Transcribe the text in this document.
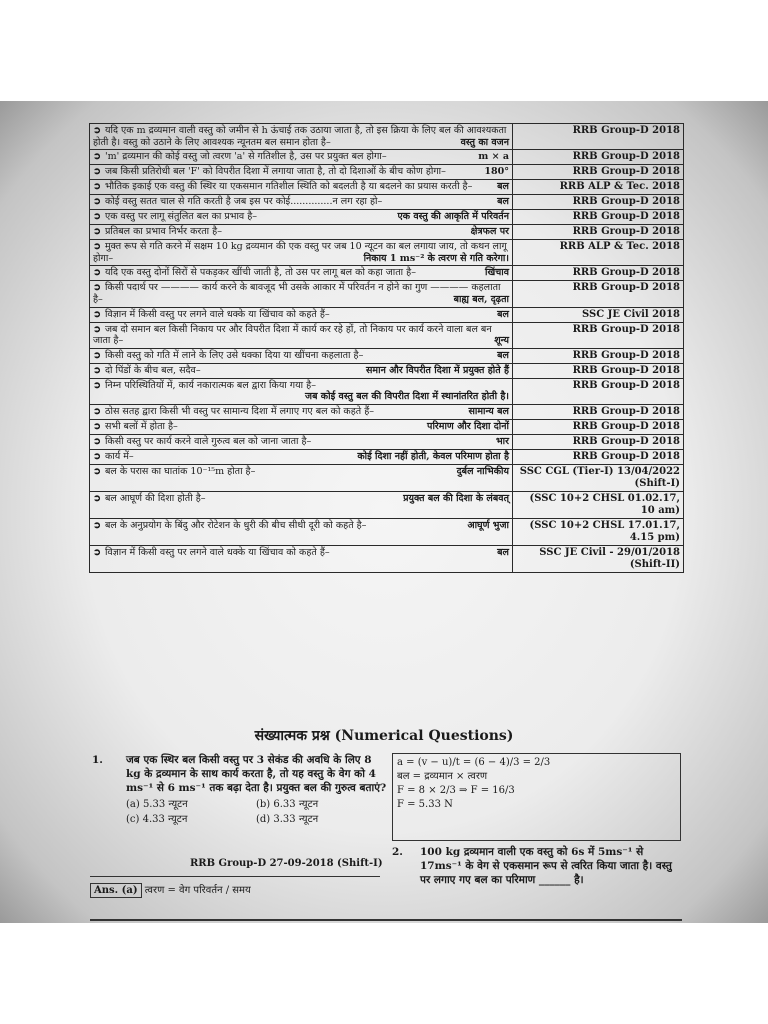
➲ यदि एक m द्रव्यमान वाली वस्तु को जमीन से h ऊंचाई तक उठाया जाता है, तो इस क्रिया के लिए बल की आवश्यकता होती है। वस्तु को उठाने के लिए आवश्यक न्यूनतम बल समान होता है– वस्तु का वजन	RRB Group-D 2018
➲ 'm' द्रव्यमान की कोई वस्तु जो त्वरण 'a' से गतिशील है, उस पर प्रयुक्त बल होगा– m × a	RRB Group-D 2018
➲ जब किसी प्रतिरोधी बल 'F' को विपरीत दिशा में लगाया जाता है, तो दो दिशाओं के बीच कोण होगा– 180°	RRB Group-D 2018
➲ भौतिक इकाई एक वस्तु की स्थिर या एकसमान गतिशील स्थिति को बदलती है या बदलने का प्रयास करती है– बल	RRB ALP & Tec. 2018
➲ कोई वस्तु सतत चाल से गति करती है जब इस पर कोई..............न लग रहा हो– बल	RRB Group-D 2018
➲ एक वस्तु पर लागू संतुलित बल का प्रभाव है– एक वस्तु की आकृति में परिवर्तन	RRB Group-D 2018
➲ प्रतिबल का प्रभाव निर्भर करता है– क्षेत्रफल पर	RRB Group-D 2018
➲ मुक्त रूप से गति करने में सक्षम 10 kg द्रव्यमान की एक वस्तु पर जब 10 न्यूटन का बल लगाया जाय, तो कथन लागू होगा– निकाय 1 ms⁻² के त्वरण से गति करेगा।	RRB ALP & Tec. 2018
➲ यदि एक वस्तु दोनों सिरों से पकड़कर खींची जाती है, तो उस पर लागू बल को कहा जाता है– खिंचाव	RRB Group-D 2018
➲ किसी पदार्थ पर ———— कार्य करने के बावजूद भी उसके आकार में परिवर्तन न होने का गुण ———— कहलाता है– बाह्य बल, दृढ़ता	RRB Group-D 2018
➲ विज्ञान में किसी वस्तु पर लगने वाले धक्के या खिंचाव को कहते हैं– बल	SSC JE Civil 2018
➲ जब दो समान बल किसी निकाय पर और विपरीत दिशा में कार्य कर रहे हों, तो निकाय पर कार्य करने वाला बल बन जाता है– शून्य	RRB Group-D 2018
➲ किसी वस्तु को गति में लाने के लिए उसे धक्का दिया या खींचना कहलाता है– बल	RRB Group-D 2018
➲ दो पिंडों के बीच बल, सदैव– समान और विपरीत दिशा में प्रयुक्त होते हैं	RRB Group-D 2018
➲ निम्न परिस्थितियों में, कार्य नकारात्मक बल द्वारा किया गया है–
जब कोई वस्तु बल की विपरीत दिशा में स्थानांतरित होती है।	RRB Group-D 2018
➲ ठोस सतह द्वारा किसी भी वस्तु पर सामान्य दिशा में लगाए गए बल को कहते हैं– सामान्य बल	RRB Group-D 2018
➲ सभी बलों में होता है– परिमाण और दिशा दोनों	RRB Group-D 2018
➲ किसी वस्तु पर कार्य करने वाले गुरुत्व बल को जाना जाता है– भार	RRB Group-D 2018
➲ कार्य में– कोई दिशा नहीं होती, केवल परिमाण होता है	RRB Group-D 2018
➲ बल के परास का घातांक 10⁻¹⁵m होता है– दुर्बल नाभिकीय	SSC CGL (Tier-I) 13/04/2022 (Shift-I)
➲ बल आघूर्ण की दिशा होती है– प्रयुक्त बल की दिशा के लंबवत्	(SSC 10+2 CHSL 01.02.17, 10 am)
➲ बल के अनुप्रयोग के बिंदु और रोटेशन के धुरी की बीच सीधी दूरी को कहते है– आघूर्ण भुजा	(SSC 10+2 CHSL 17.01.17, 4.15 pm)
➲ विज्ञान में किसी वस्तु पर लगने वाले धक्के या खिंचाव को कहते हैं– बल	SSC JE Civil - 29/01/2018 (Shift-II)
संख्यात्मक प्रश्न (Numerical Questions)
1. जब एक स्थिर बल किसी वस्तु पर 3 सेकंड की अवधि के लिए 8 kg के द्रव्यमान के साथ कार्य करता है, तो यह वस्तु के वेग को 4 ms⁻¹ से 6 ms⁻¹ तक बढ़ा देता है। प्रयुक्त बल की गुरुत्व बताएं?
(a) 5.33 न्यूटन	(b) 6.33 न्यूटन
(c) 4.33 न्यूटन	(d) 3.33 न्यूटन
RRB Group-D 27-09-2018 (Shift-I)
Ans. (a) त्वरण = वेग परिवर्तन / समय
a = (v − u)/t = (6 − 4)/3 = 2/3
बल = द्रव्यमान × त्वरण
F = 8 × 2/3 ⇒ F = 16/3
F = 5.33 N
2. 100 kg द्रव्यमान वाली एक वस्तु को 6s में 5ms⁻¹ से 17ms⁻¹ के वेग से एकसमान रूप से त्वरित किया जाता है। वस्तु पर लगाए गए बल का परिमाण ______ है।
